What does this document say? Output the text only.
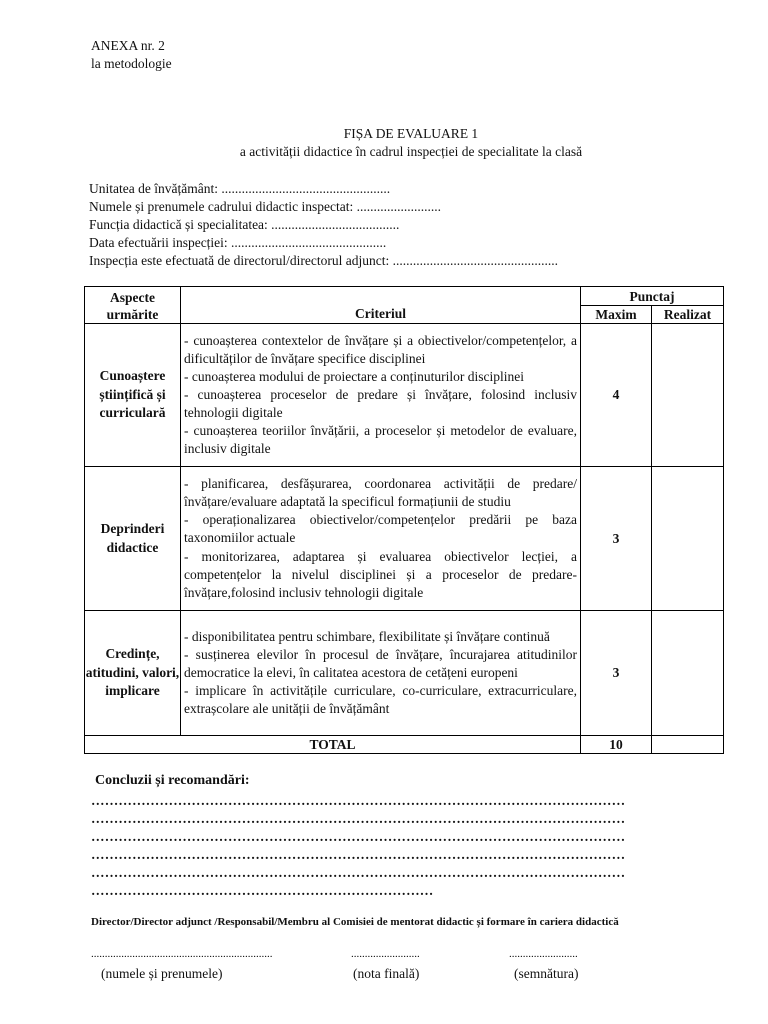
ANEXA nr. 2
la metodologie
FIȘA DE EVALUARE 1
a activității didactice în cadrul inspecției de specialitate la clasă
Unitatea de învățământ: ..................................................
Numele și prenumele cadrului didactic inspectat: .........................
Funcția didactică și specialitatea: ......................................
Data efectuării inspecției: ..............................................
Inspecția este efectuată de directorul/directorul adjunct: .................................................
Aspecte urmărite	Criteriul	Punctaj	
		Maxim	Realizat
Cunoaștere științifică și curriculară	- cunoașterea contextelor de învățare și a obiectivelor/competențelor, a dificultăților de învățare specifice disciplinei
- cunoașterea modului de proiectare a conținuturilor disciplinei
- cunoașterea proceselor de predare și învățare, folosind inclusiv tehnologii digitale
- cunoașterea teoriilor învățării, a proceselor și metodelor de evaluare, inclusiv digitale	4	
Deprinderi didactice	- planificarea, desfășurarea, coordonarea activității de predare/învățare/evaluare adaptată la specificul formațiunii de studiu
- operaționalizarea obiectivelor/competențelor predării pe baza taxonomiilor actuale
- monitorizarea, adaptarea și evaluarea obiectivelor lecției, a competențelor la nivelul disciplinei și a proceselor de predare-învățare,folosind inclusiv tehnologii digitale	3	
Credințe, atitudini, valori, implicare	- disponibilitatea pentru schimbare, flexibilitate și învățare continuă
- susținerea elevilor în procesul de învățare, încurajarea atitudinilor democratice la elevi, în calitatea acestora de cetățeni europeni
- implicare în activitățile curriculare, co-curriculare, extracurriculare, extrașcolare ale unității de învățământ	3	
TOTAL		10	
Concluzii și recomandări:
………………………………………………………………………………………………………
………………………………………………………………………………………………………
………………………………………………………………………………………………………
………………………………………………………………………………………………………
………………………………………………………………………………………………………
…………………………………………………………………
Director/Director adjunct /Responsabil/Membru al Comisiei de mentorat didactic și formare în cariera didactică
..................................................................	.........................	.........................
(numele și prenumele)	(nota finală)	(semnătura)
